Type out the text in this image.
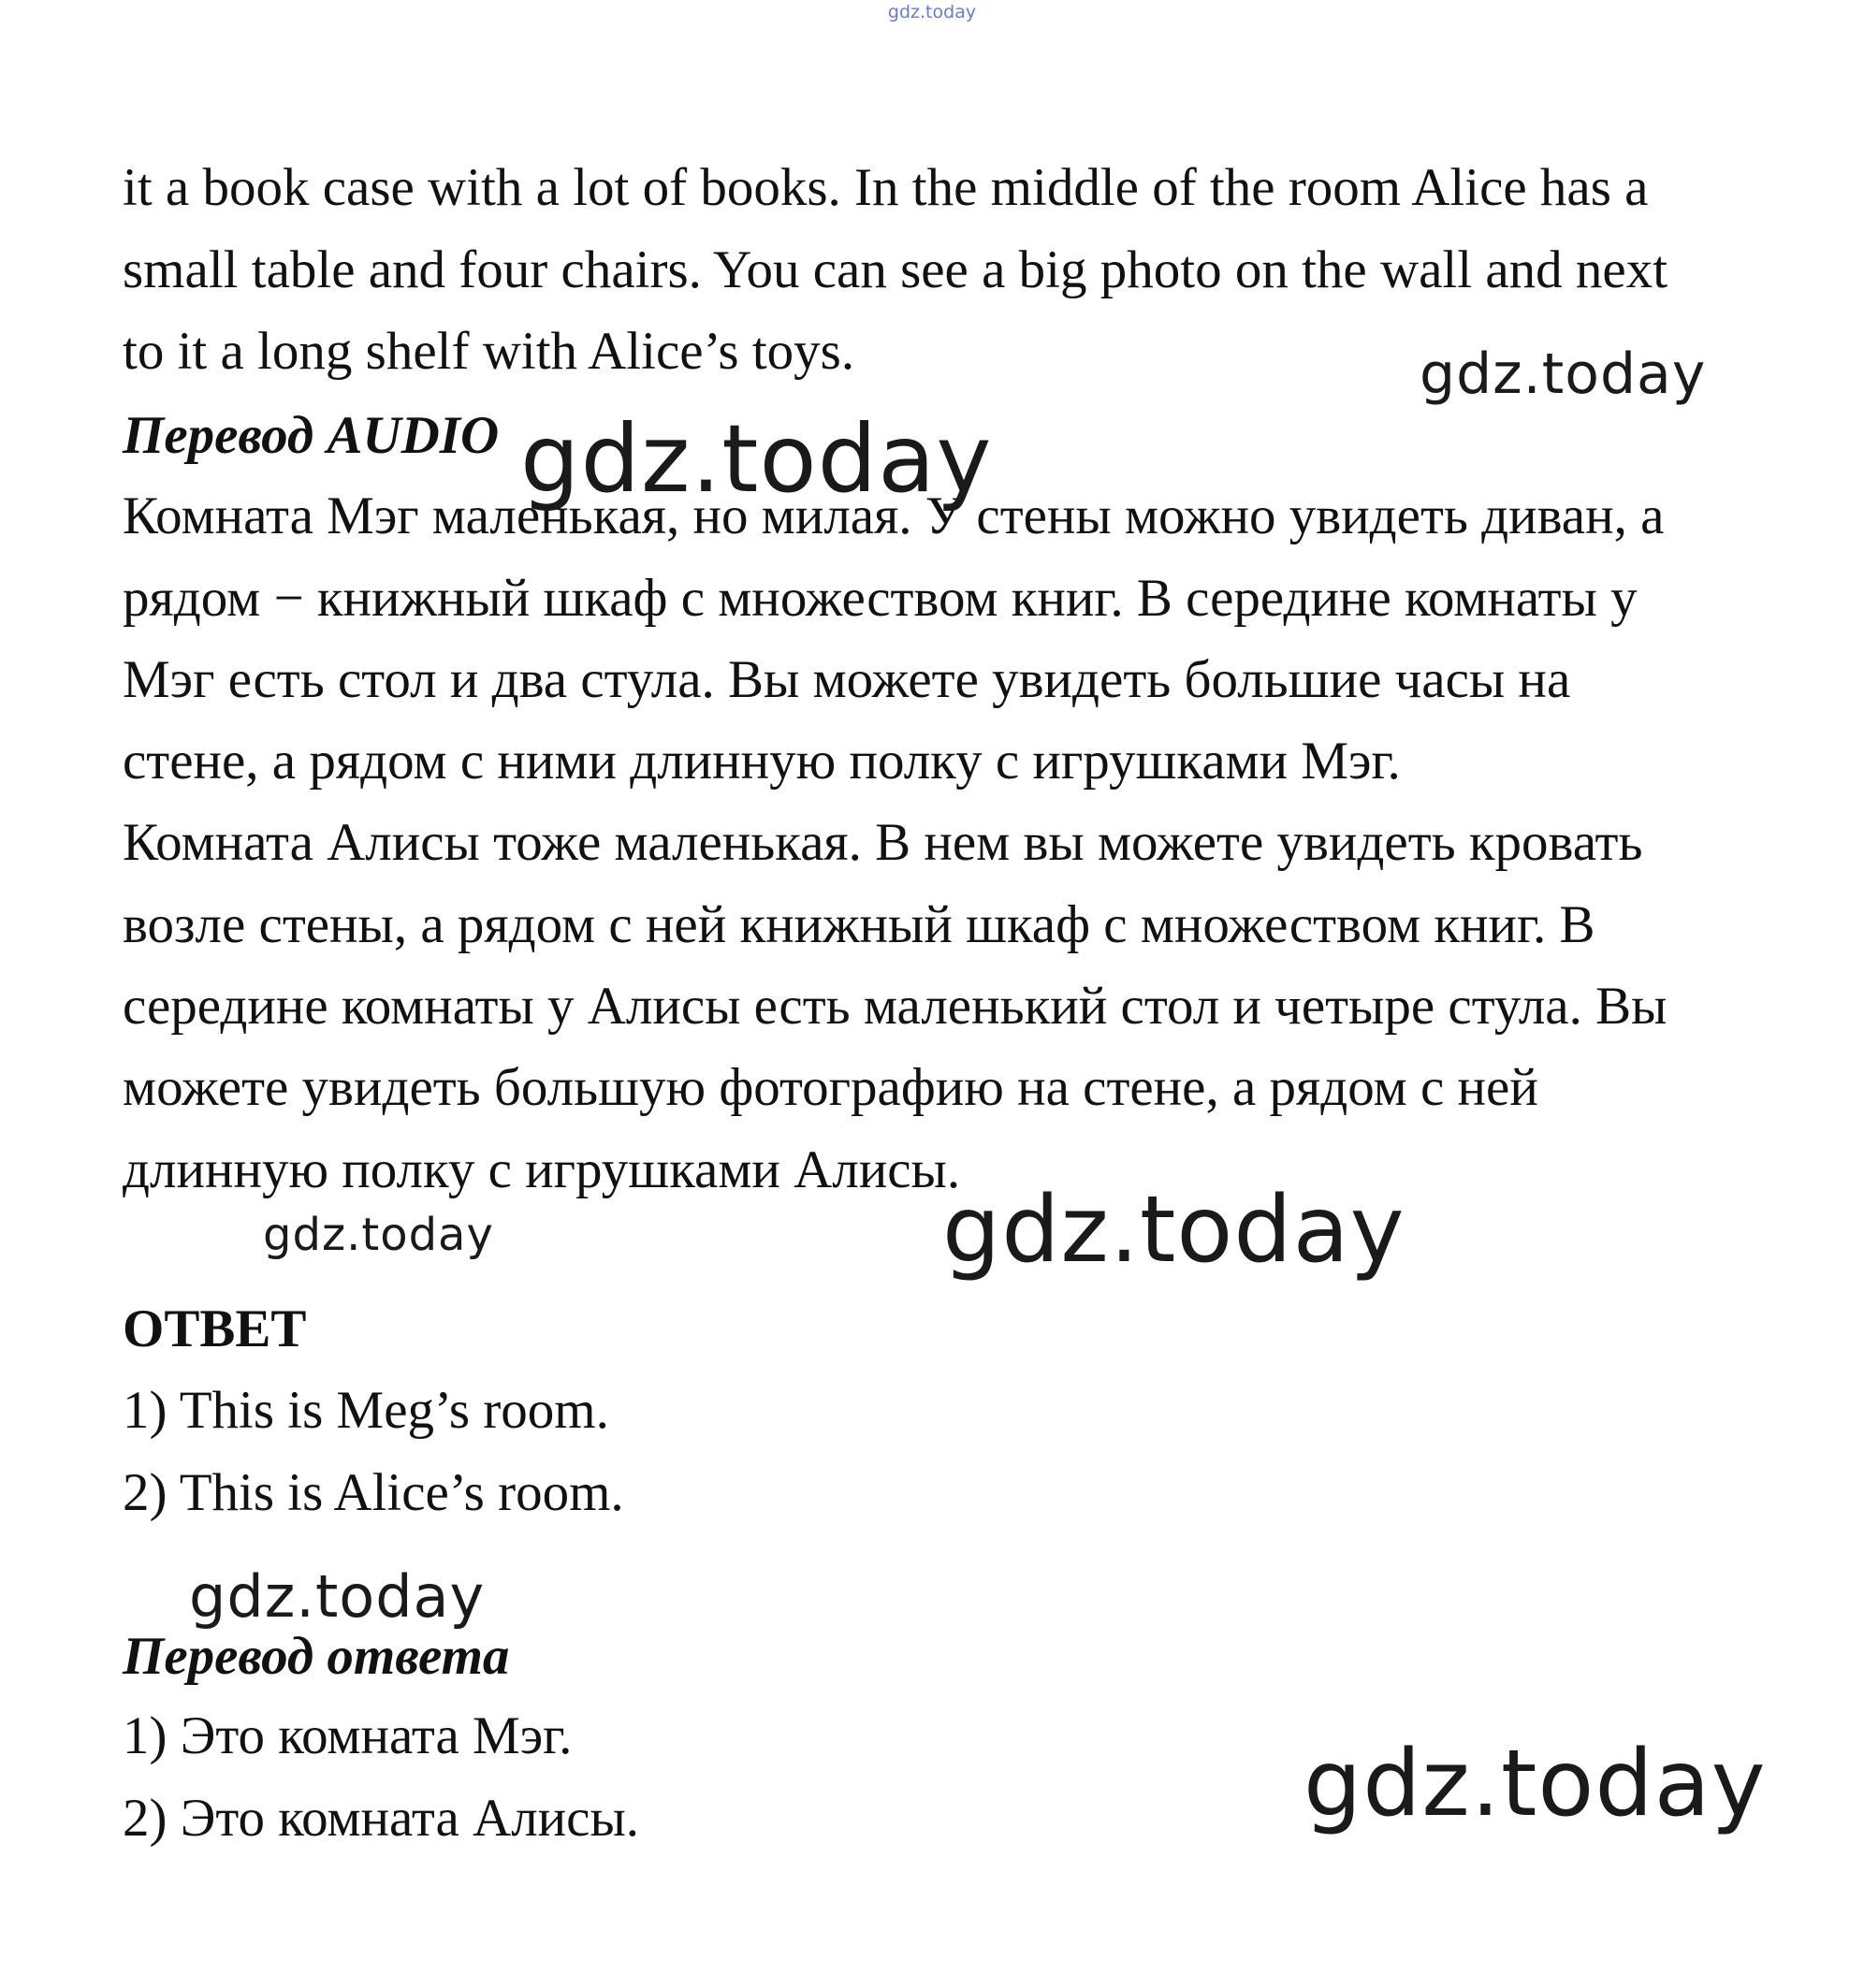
gdz.today
it a book case with a lot of books. In the middle of the room Alice has a
small table and four chairs. You can see a big photo on the wall and next
to it a long shelf with Alice’s toys.
Перевод AUDIO
Комната Мэг маленькая, но милая. У стены можно увидеть диван, а
рядом − книжный шкаф с множеством книг. В середине комнаты у
Мэг есть стол и два стула. Вы можете увидеть большие часы на
стене, а рядом с ними длинную полку с игрушками Мэг.
Комната Алисы тоже маленькая. В нем вы можете увидеть кровать
возле стены, а рядом с ней книжный шкаф с множеством книг. В
середине комнаты у Алисы есть маленький стол и четыре стула. Вы
можете увидеть большую фотографию на стене, а рядом с ней
длинную полку с игрушками Алисы.
ОТВЕТ
1) This is Meg’s room.
2) This is Alice’s room.
Перевод ответа
1) Это комната Мэг.
2) Это комната Алисы.
gdz.today
gdz.today
gdz.today	gdz.today
gdz.today
gdz.today
